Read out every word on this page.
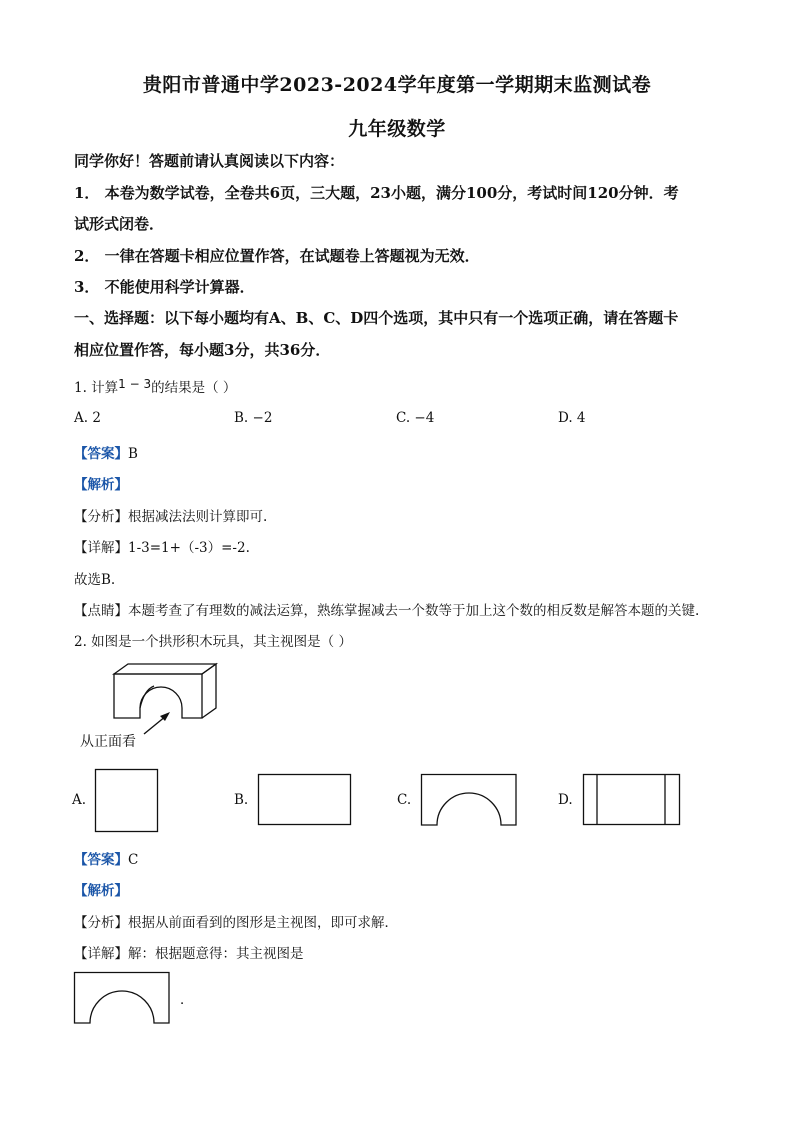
贵阳市普通中学2023-2024学年度第一学期期末监测试卷
九年级数学
同学你好！答题前请认真阅读以下内容：
1． 本卷为数学试卷，全卷共6页，三大题，23小题，满分100分，考试时间120分钟．考
试形式闭卷．
2． 一律在答题卡相应位置作答，在试题卷上答题视为无效．
3． 不能使用科学计算器．
一、选择题：以下每小题均有A、B、C、D四个选项，其中只有一个选项正确，请在答题卡
相应位置作答，每小题3分，共36分．
1. 计算1 − 3的结果是（ ）
A. 2	B. −2	C. −4	D. 4
【答案】B
【解析】
【分析】根据减法法则计算即可.
【详解】1-3=1+（-3）=-2.
故选B.
【点睛】本题考查了有理数的减法运算，熟练掌握减去一个数等于加上这个数的相反数是解答本题的关键.
2. 如图是一个拱形积木玩具，其主视图是（ ）
从正面看
A.	B.	C.	D.
【答案】C
【解析】
【分析】根据从前面看到的图形是主视图，即可求解．
【详解】解：根据题意得：其主视图是
．
